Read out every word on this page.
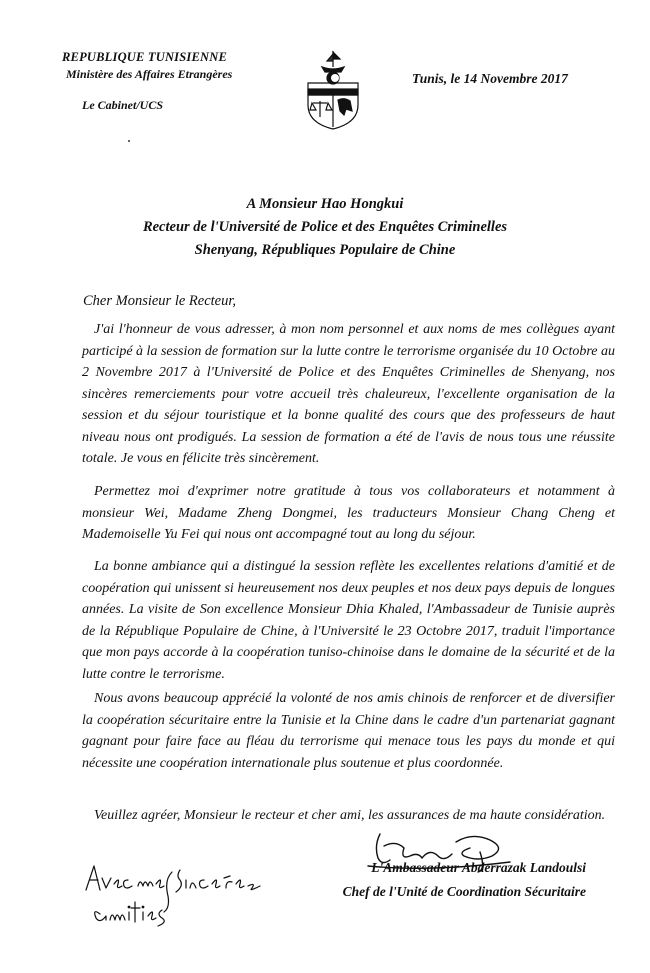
REPUBLIQUE TUNISIENNE
Ministère des Affaires Etrangères
Le Cabinet/UCS
Tunis, le 14 Novembre 2017
A Monsieur Hao Hongkui
Recteur de l'Université de Police et des Enquêtes Criminelles
Shenyang, Républiques Populaire de Chine
Cher Monsieur le Recteur,
J'ai l'honneur de vous adresser, à mon nom personnel et aux noms de mes collègues ayant participé à la session de formation sur la lutte contre le terrorisme organisée du 10 Octobre au 2 Novembre 2017 à l'Université de Police et des Enquêtes Criminelles de Shenyang, nos sincères remerciements pour votre accueil très chaleureux, l'excellente organisation de la session et du séjour touristique et la bonne qualité des cours que des professeurs de haut niveau nous ont prodigués. La session de formation a été de l'avis de nous tous une réussite totale. Je vous en félicite très sincèrement.
Permettez moi d'exprimer notre gratitude à tous vos collaborateurs et notamment à monsieur Wei, Madame Zheng Dongmei, les traducteurs Monsieur Chang Cheng et Mademoiselle Yu Fei qui nous ont accompagné tout au long du séjour.
La bonne ambiance qui a distingué la session reflète les excellentes relations d'amitié et de coopération qui unissent si heureusement nos deux peuples et nos deux pays depuis de longues années. La visite de Son excellence Monsieur Dhia Khaled, l'Ambassadeur de Tunisie auprès de la République Populaire de Chine, à l'Université le 23 Octobre 2017, traduit l'importance que mon pays accorde à la coopération tuniso-chinoise dans le domaine de la sécurité et de la lutte contre le terrorisme.
Nous avons beaucoup apprécié la volonté de nos amis chinois de renforcer et de diversifier la coopération sécuritaire entre la Tunisie et la Chine dans le cadre d'un partenariat gagnant gagnant pour faire face au fléau du terrorisme qui menace tous les pays du monde et qui nécessite une coopération internationale plus soutenue et plus coordonnée.
Veuillez agréer, Monsieur le recteur et cher ami, les assurances de ma haute considération.
L'Ambassadeur Abderrazak Landoulsi
Chef de l'Unité de Coordination Sécuritaire
